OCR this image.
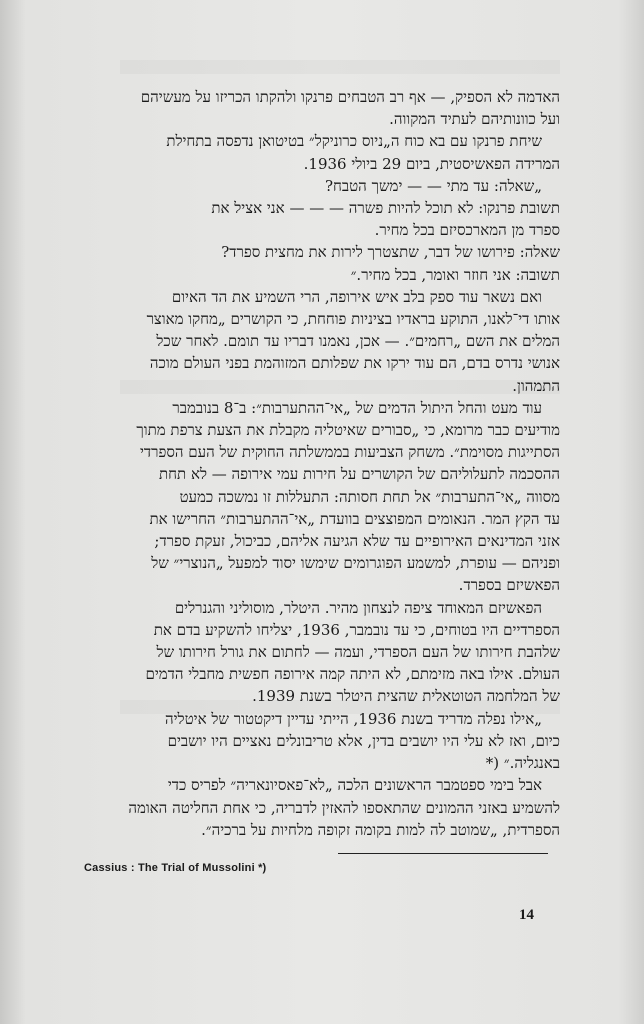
האדמה לא הספיק, — אף רב הטבחים פרנקו ולהקתו הכריזו על מעשיהם

ועל כוונותיהם לעתיד המקווה.

שיחת פרנקו עם בא כוח ה„ניוס כרוניקל״ בטיטואן נדפסה בתחילת

המרידה הפאשיסטית, ביום 29 ביולי 1936.

„שאלה: עד מתי — — ימשך הטבח?

תשובת פרנקו: לא תוכל להיות פשרה — — — אני אציל את

ספרד מן המארכסיזם בכל מחיר.

שאלה: פירושו של דבר, שתצטרך לירות את מחצית ספרד?

תשובה: אני חוזר ואומר, בכל מחיר.״

ואם נשאר עוד ספק בלב איש אירופה, הרי השמיע את הד האיום

אותו די־לאנו, התוקע בראדיו בציניות פוחחת, כי הקושרים „מחקו מאוצר

המלים את השם „רחמים״. — אכן, נאמנו דבריו עד תומם. לאחר שכל

אנושי נדרס בדם, הם עוד ירקו את שפלותם המזוהמת בפני העולם מוכה

התמהון.

עוד מעט והחל היתול הדמים של „אי־ההתערבות״: ב־8 בנובמבר

מודיעים כבר מרומא, כי „סבורים שאיטליה מקבלת את הצעת צרפת מתוך

הסתייגות מסוימת״. משחק הצביעות בממשלתה החוקית של העם הספרדי

ההסכמה לתעלוליהם של הקושרים על חירות עמי אירופה — לא תחת

מסווה „אי־התערבות״ אל תחת חסותה: התעללות זו נמשכה כמעט

עד הקץ המר. הנאומים המפוצצים בוועדת „אי־ההתערבות״ החרישו את

אזני המדינאים האירופיים עד שלא הגיעה אליהם, כביכול, זעקת ספרד;

ופניהם — עופרת, למשמע הפוגרומים שימשו יסוד למפעל „הנוצרי״ של

הפאשיזם בספרד.

הפאשיזם המאוחד ציפה לנצחון מהיר. היטלר, מוסוליני והגנרלים

הספרדיים היו בטוחים, כי עד נובמבר, 1936, יצליחו להשקיע בדם את

שלהבת חירותו של העם הספרדי, ועמה — לחתום את גורל חירותו של

העולם. אילו באה מזימתם, לא היתה קמה אירופה חפשית מחבלי הדמים

של המלחמה הטוטאלית שהצית היטלר בשנת 1939.

„אילו נפלה מדריד בשנת 1936, הייתי עדיין דיקטטור של איטליה

כיום, ואז לא עלי היו יושבים בדין, אלא טריבונלים נאציים היו יושבים

באנגליה.״ (*

אבל בימי ספטמבר הראשונים הלכה „לא־פאסיונאריה״ לפריס כדי

להשמיע באזני ההמונים שהתאספו להאזין לדבריה, כי אחת החליטה האומה

הספרדית, „שמוטב לה למות בקומה זקופה מלחיות על ברכיה״.

Cassius : The Trial of Mussolini *)
14
